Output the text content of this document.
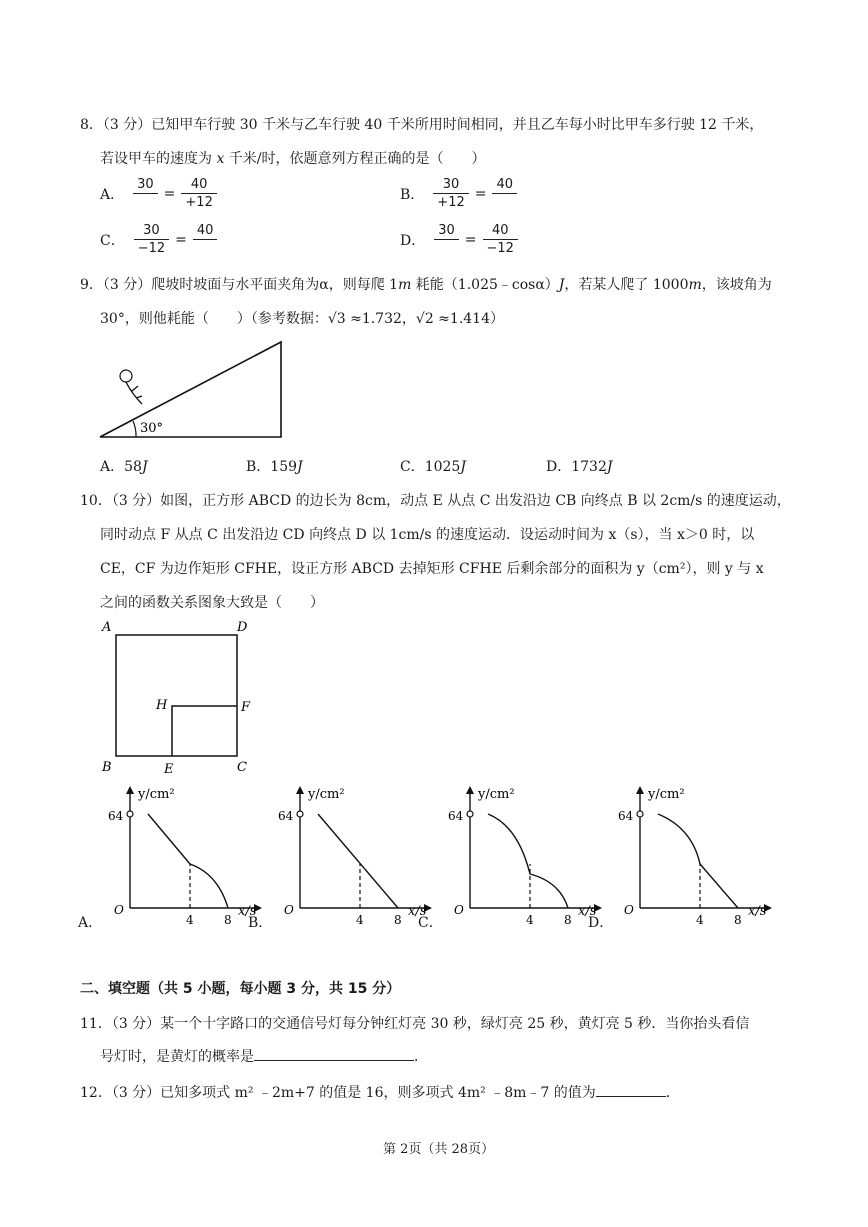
8．（3 分）已知甲车行驶 30 千米与乙车行驶 40 千米所用时间相同，并且乙车每小时比甲车多行驶 12 千米，
若设甲车的速度为 x 千米/时，依题意列方程正确的是（　　）
A．
30

= $\frac{40}{+12}$	B． $\frac{30}{+12}$ =
40

C． $\frac{30}{-12}$ =
40

D．
30

= $\frac{40}{-12}$
9．（3 分）爬坡时坡面与水平面夹角为α，则每爬 1m 耗能（1.025﹣cosα）J，若某人爬了 1000m，该坡角为
30°，则他耗能（　　）（参考数据：√3 ≈1.732，√2 ≈1.414）
30°
A．58J	B．159J	C．1025J	D．1732J
10．（3 分）如图，正方形 ABCD 的边长为 8cm，动点 E 从点 C 出发沿边 CB 向终点 B 以 2cm/s 的速度运动，
同时动点 F 从点 C 出发沿边 CD 向终点 D 以 1cm/s 的速度运动．设运动时间为 x（s），当 x＞0 时，以
CE，CF 为边作矩形 CFHE，设正方形 ABCD 去掉矩形 CFHE 后剩余部分的面积为 y（cm²），则 y 与 x
之间的函数关系图象大致是（　　）
A	D
B	C
E
F
H
A．
y/cm²
64
O
4	8
x/s
B．
y/cm²
64
O
4	8
x/s
C．
y/cm²
64
O
4	8
x/s
D．
y/cm²
64
O
4	8
x/s
二、填空题（共 5 小题，每小题 3 分，共 15 分）
11．（3 分）某一个十字路口的交通信号灯每分钟红灯亮 30 秒，绿灯亮 25 秒，黄灯亮 5 秒．当你抬头看信
号灯时，是黄灯的概率是	．
12．（3 分）已知多项式 m² ﹣2m+7 的值是 16，则多项式 4m² ﹣8m﹣7 的值为	．
第 2页（共 28页）
